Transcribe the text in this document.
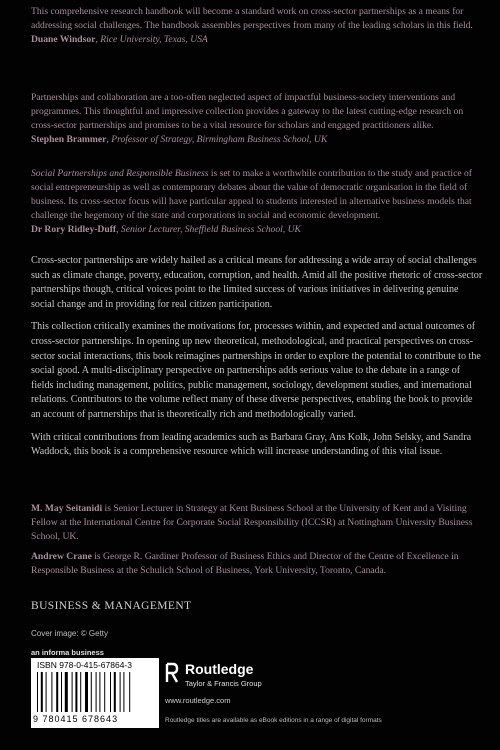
This comprehensive research handbook will become a standard work on cross-sector partnerships as a means for addressing social challenges. The handbook assembles perspectives from many of the leading scholars in this field.
Duane Windsor, Rice University, Texas, USA
Partnerships and collaboration are a too-often neglected aspect of impactful business-society interventions and programmes. This thoughtful and impressive collection provides a gateway to the latest cutting-edge research on cross-sector partnerships and promises to be a vital resource for scholars and engaged practitioners alike.
Stephen Brammer, Professor of Strategy, Birmingham Business School, UK
Social Partnerships and Responsible Business is set to make a worthwhile contribution to the study and practice of social entrepreneurship as well as contemporary debates about the value of democratic organisation in the field of business. Its cross-sector focus will have particular appeal to students interested in alternative business models that challenge the hegemony of the state and corporations in social and economic development.
Dr Rory Ridley-Duff, Senior Lecturer, Sheffield Business School, UK

Cross-sector partnerships are widely hailed as a critical means for addressing a wide array of social challenges such as climate change, poverty, education, corruption, and health. Amid all the positive rhetoric of cross-sector partnerships though, critical voices point to the limited success of various initiatives in delivering genuine social change and in providing for real citizen participation.

This collection critically examines the motivations for, processes within, and expected and actual outcomes of cross-sector partnerships. In opening up new theoretical, methodological, and practical perspectives on cross-sector social interactions, this book reimagines partnerships in order to explore the potential to contribute to the social good. A multi-disciplinary perspective on partnerships adds serious value to the debate in a range of fields including management, politics, public management, sociology, development studies, and international relations. Contributors to the volume reflect many of these diverse perspectives, enabling the book to provide an account of partnerships that is theoretically rich and methodologically varied.

With critical contributions from leading academics such as Barbara Gray, Ans Kolk, John Selsky, and Sandra Waddock, this book is a comprehensive resource which will increase understanding of this vital issue.

M. May Seitanidi is Senior Lecturer in Strategy at Kent Business School at the University of Kent and a Visiting Fellow at the International Centre for Corporate Social Responsibility (ICCSR) at Nottingham University Business School, UK.
Andrew Crane is George R. Gardiner Professor of Business Ethics and Director of the Centre of Excellence in Responsible Business at the Schulich School of Business, York University, Toronto, Canada.
BUSINESS & MANAGEMENT
Cover image: © Getty
an informa business
ISBN 978-0-415-67864-3
9 780415 678643
Routledge
Taylor & Francis Group
www.routledge.com
Routledge titles are available as eBook editions in a range of digital formats
